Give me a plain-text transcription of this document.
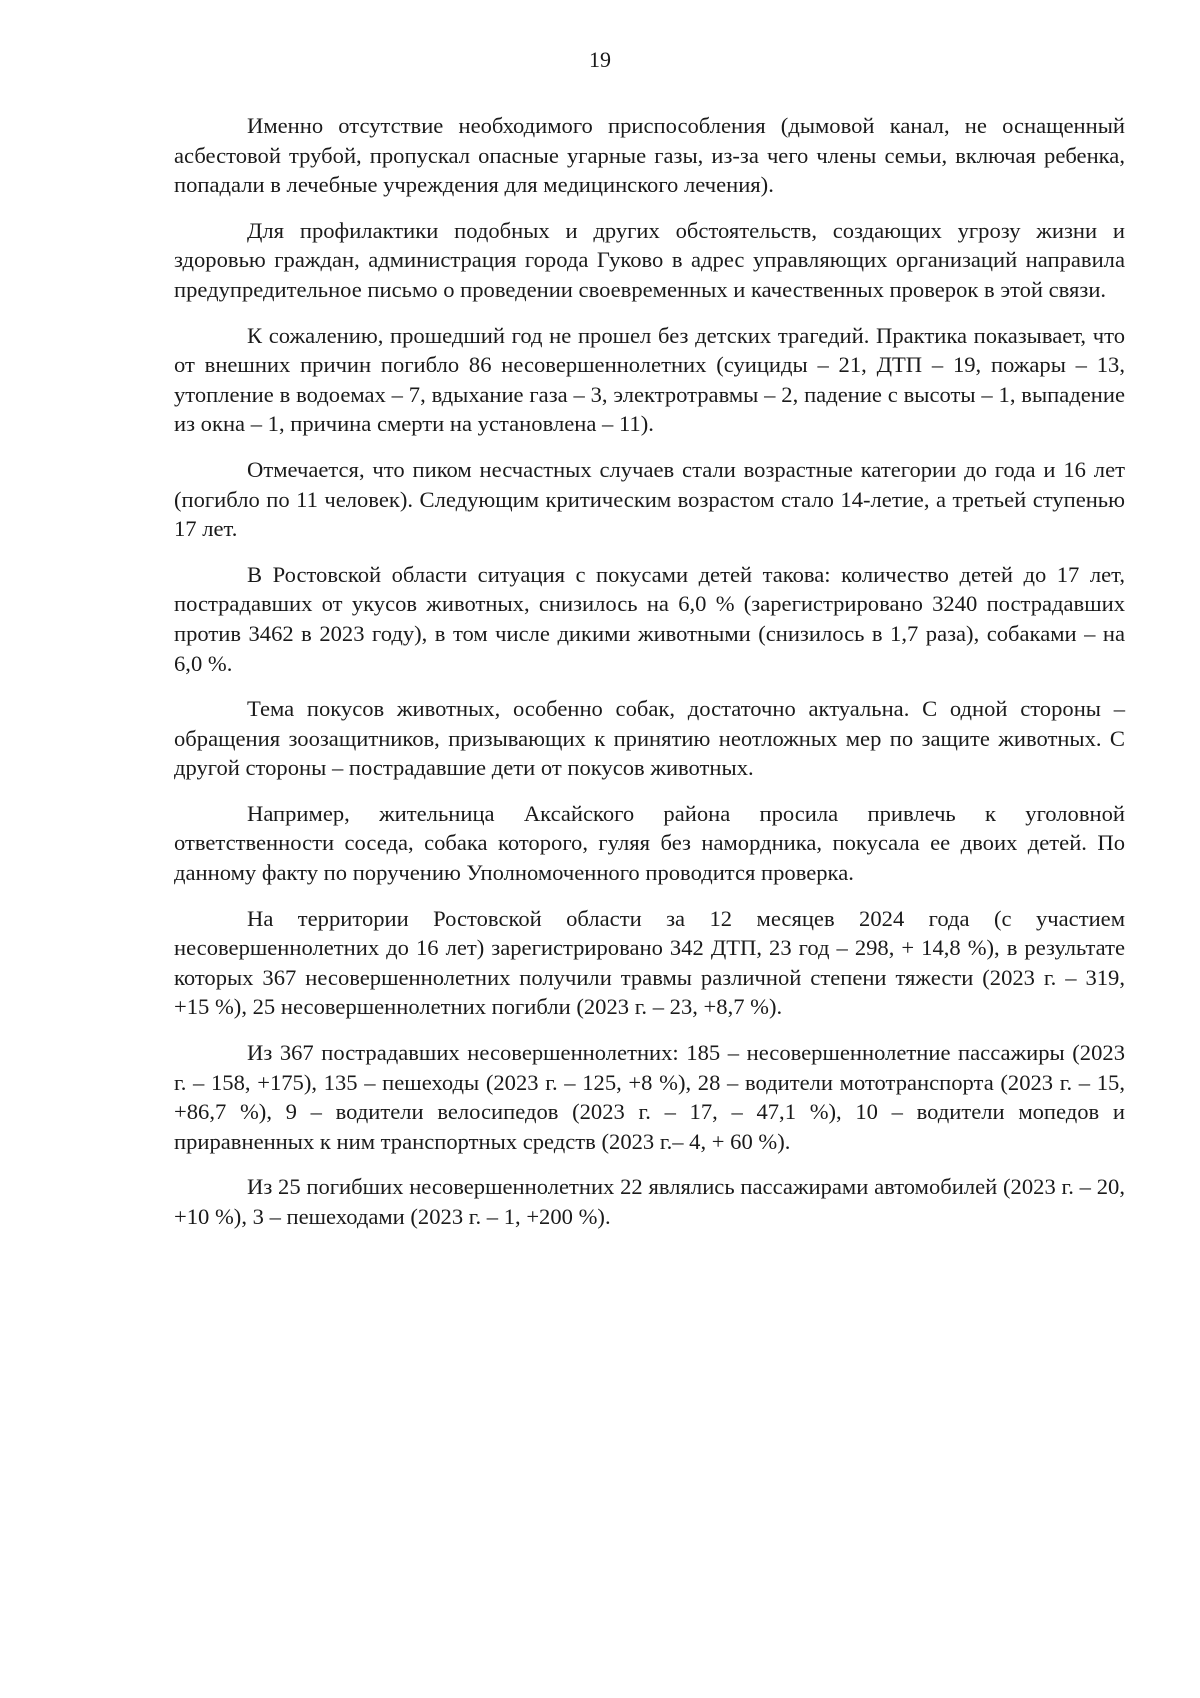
19

Именно отсутствие необходимого приспособления (дымовой канал, не оснащенный асбестовой трубой, пропускал опасные угарные газы, из-за чего члены семьи, включая ребенка, попадали в лечебные учреждения для медицинского лечения).

Для профилактики подобных и других обстоятельств, создающих угрозу жизни и здоровью граждан, администрация города Гуково в адрес управляющих организаций направила предупредительное письмо о проведении своевременных и качественных проверок в этой связи.

К сожалению, прошедший год не прошел без детских трагедий. Практика показывает, что от внешних причин погибло 86 несовершеннолетних (суициды – 21, ДТП – 19, пожары – 13, утопление в водоемах – 7, вдыхание газа – 3, электротравмы – 2, падение с высоты – 1, выпадение из окна – 1, причина смерти на установлена – 11).

Отмечается, что пиком несчастных случаев стали возрастные категории до года и 16 лет (погибло по 11 человек). Следующим критическим возрастом стало 14-летие, а третьей ступенью 17 лет.

В Ростовской области ситуация с покусами детей такова: количество детей до 17 лет, пострадавших от укусов животных, снизилось на 6,0 % (зарегистрировано 3240 пострадавших против 3462 в 2023 году), в том числе дикими животными (снизилось в 1,7 раза), собаками – на 6,0 %.

Тема покусов животных, особенно собак, достаточно актуальна. С одной стороны – обращения зоозащитников, призывающих к принятию неотложных мер по защите животных. С другой стороны – пострадавшие дети от покусов животных.

Например, жительница Аксайского района просила привлечь к уголовной ответственности соседа, собака которого, гуляя без намордника, покусала ее двоих детей. По данному факту по поручению Уполномоченного проводится проверка.

На территории Ростовской области за 12 месяцев 2024 года (с участием несовершеннолетних до 16 лет) зарегистрировано 342 ДТП, 23 год – 298, + 14,8 %), в результате которых 367 несовершеннолетних получили травмы различной степени тяжести (2023 г. – 319, +15 %), 25 несовершеннолетних погибли (2023 г. – 23, +8,7 %).

Из 367 пострадавших несовершеннолетних: 185 – несовершеннолетние пассажиры (2023 г. – 158, +175), 135 – пешеходы (2023 г. – 125, +8 %), 28 – водители мототранспорта (2023 г. – 15, +86,7 %), 9 – водители велосипедов (2023 г. – 17, – 47,1 %), 10 – водители мопедов и приравненных к ним транспортных средств (2023 г.– 4, + 60 %).

Из 25 погибших несовершеннолетних 22 являлись пассажирами автомобилей (2023 г. – 20, +10 %), 3 – пешеходами (2023 г. – 1, +200 %).
